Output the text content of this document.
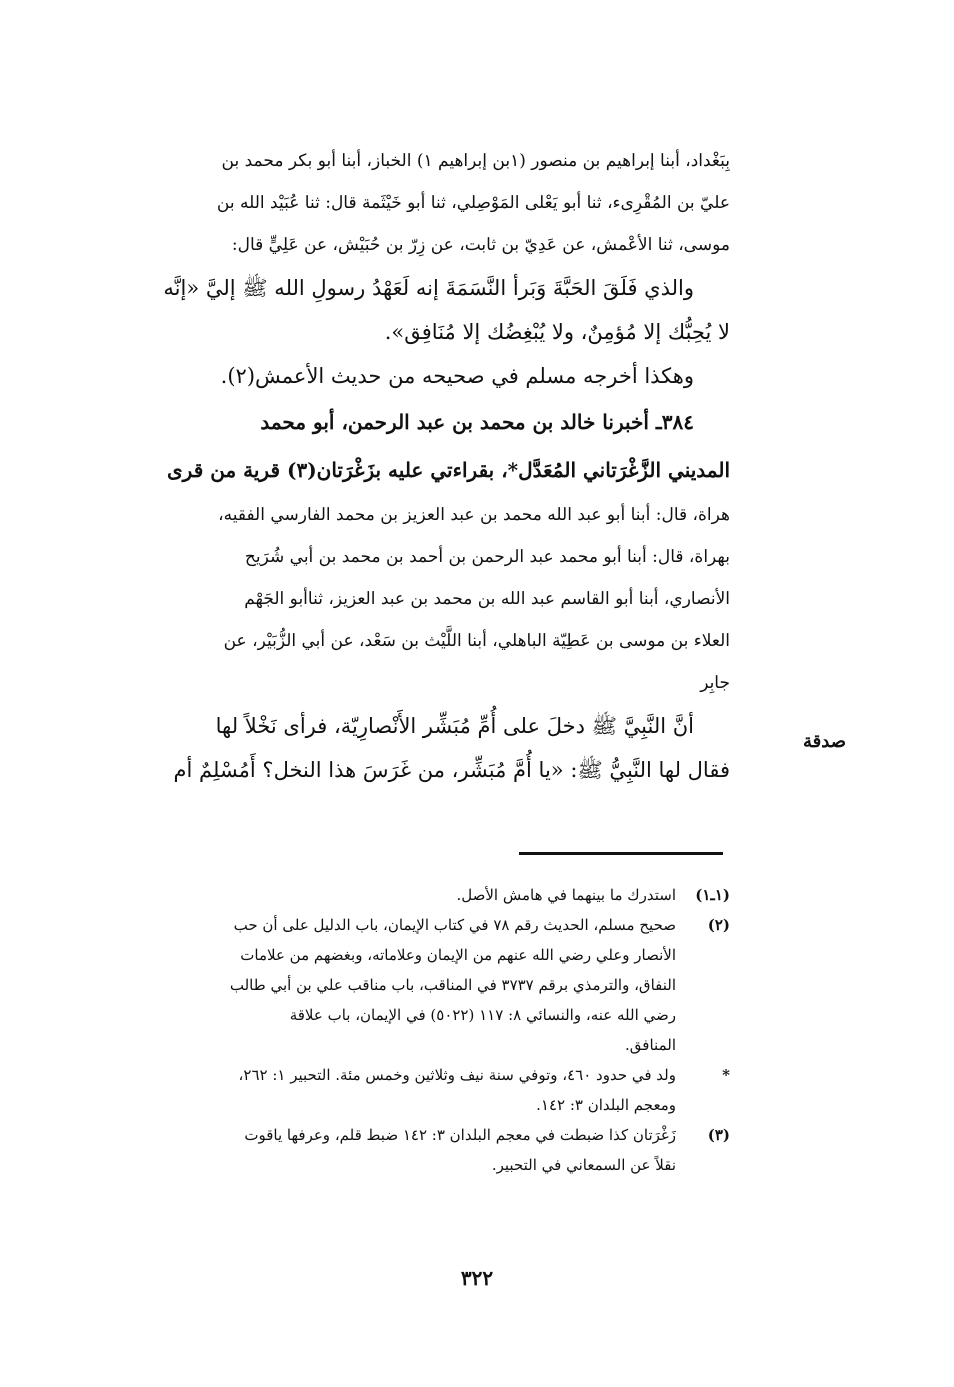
بِبَغْداد، أبنا إبراهيم بن منصور (١بن إبراهيم ١) الخباز، أبنا أبو بكر محمد بن
عليّ بن المُقْرِىء، ثنا أبو يَعْلى المَوْصِلي، ثنا أبو خَيْثَمة قال: ثنا عُبَيْد الله بن
موسى، ثنا الأعْمش، عن عَدِيّ بن ثابت، عن زِرّ بن حُبَيْش، عن عَلِيٍّ قال:
والذي فَلَقَ الحَبَّةَ وَبَرأ النَّسَمَةَ إنه لَعَهْدُ رسولِ الله ﷺ إليَّ «إنَّه
لا يُحِبُّك إلا مُؤمِنٌ، ولا يُبْغِضُك إلا مُنَافِق».
وهكذا أخرجه مسلم في صحيحه من حديث الأعمش(٢).
٣٨٤ـ أخبرنا خالد بن محمد بن عبد الرحمن، أبو محمد
المديني الزَّغْرَتاني المُعَدَّل*، بقراءتي عليه بزَغْرَتان(٣) قرية من قرى
هراة، قال: أبنا أبو عبد الله محمد بن عبد العزيز بن محمد الفارسي الفقيه،
بهراة، قال: أبنا أبو محمد عبد الرحمن بن أحمد بن محمد بن أبي شُرَيح
الأنصاري، أبنا أبو القاسم عبد الله بن محمد بن عبد العزيز، ثناأبو الجَهْم
العلاء بن موسى بن عَطِيّة الباهلي، أبنا اللَّيْث بن سَعْد، عن أبي الزُّبَيْر، عن
جابِر
أنَّ النَّبِيَّ ﷺ دخلَ على أُمِّ مُبَشِّر الأَنْصارِيّة، فرأى نَخْلاً لها
فقال لها النَّبِيُّ ﷺ: «يا أُمَّ مُبَشِّر، من غَرَسَ هذا النخل؟ أَمُسْلِمٌ أم
صدقة
(١ـ١)
استدرك ما بينهما في هامش الأصل.
(٢)
صحيح مسلم، الحديث رقم ٧٨ في كتاب الإيمان، باب الدليل على أن حب
الأنصار وعلي رضي الله عنهم من الإيمان وعلاماته، وبغضهم من علامات
النفاق، والترمذي برقم ٣٧٣٧ في المناقب، باب مناقب علي بن أبي طالب
رضي الله عنه، والنسائي ٨: ١١٧ (٥٠٢٢) في الإيمان، باب علاقة
المنافق.
*
ولد في حدود ٤٦٠، وتوفي سنة نيف وثلاثين وخمس مئة. التحبير ١: ٢٦٢،
ومعجم البلدان ٣: ١٤٢.
(٣)
زَغْرَتان كذا ضبطت في معجم البلدان ٣: ١٤٢ ضبط قلم، وعرفها ياقوت
نقلاً عن السمعاني في التحبير.
٣٢٢
